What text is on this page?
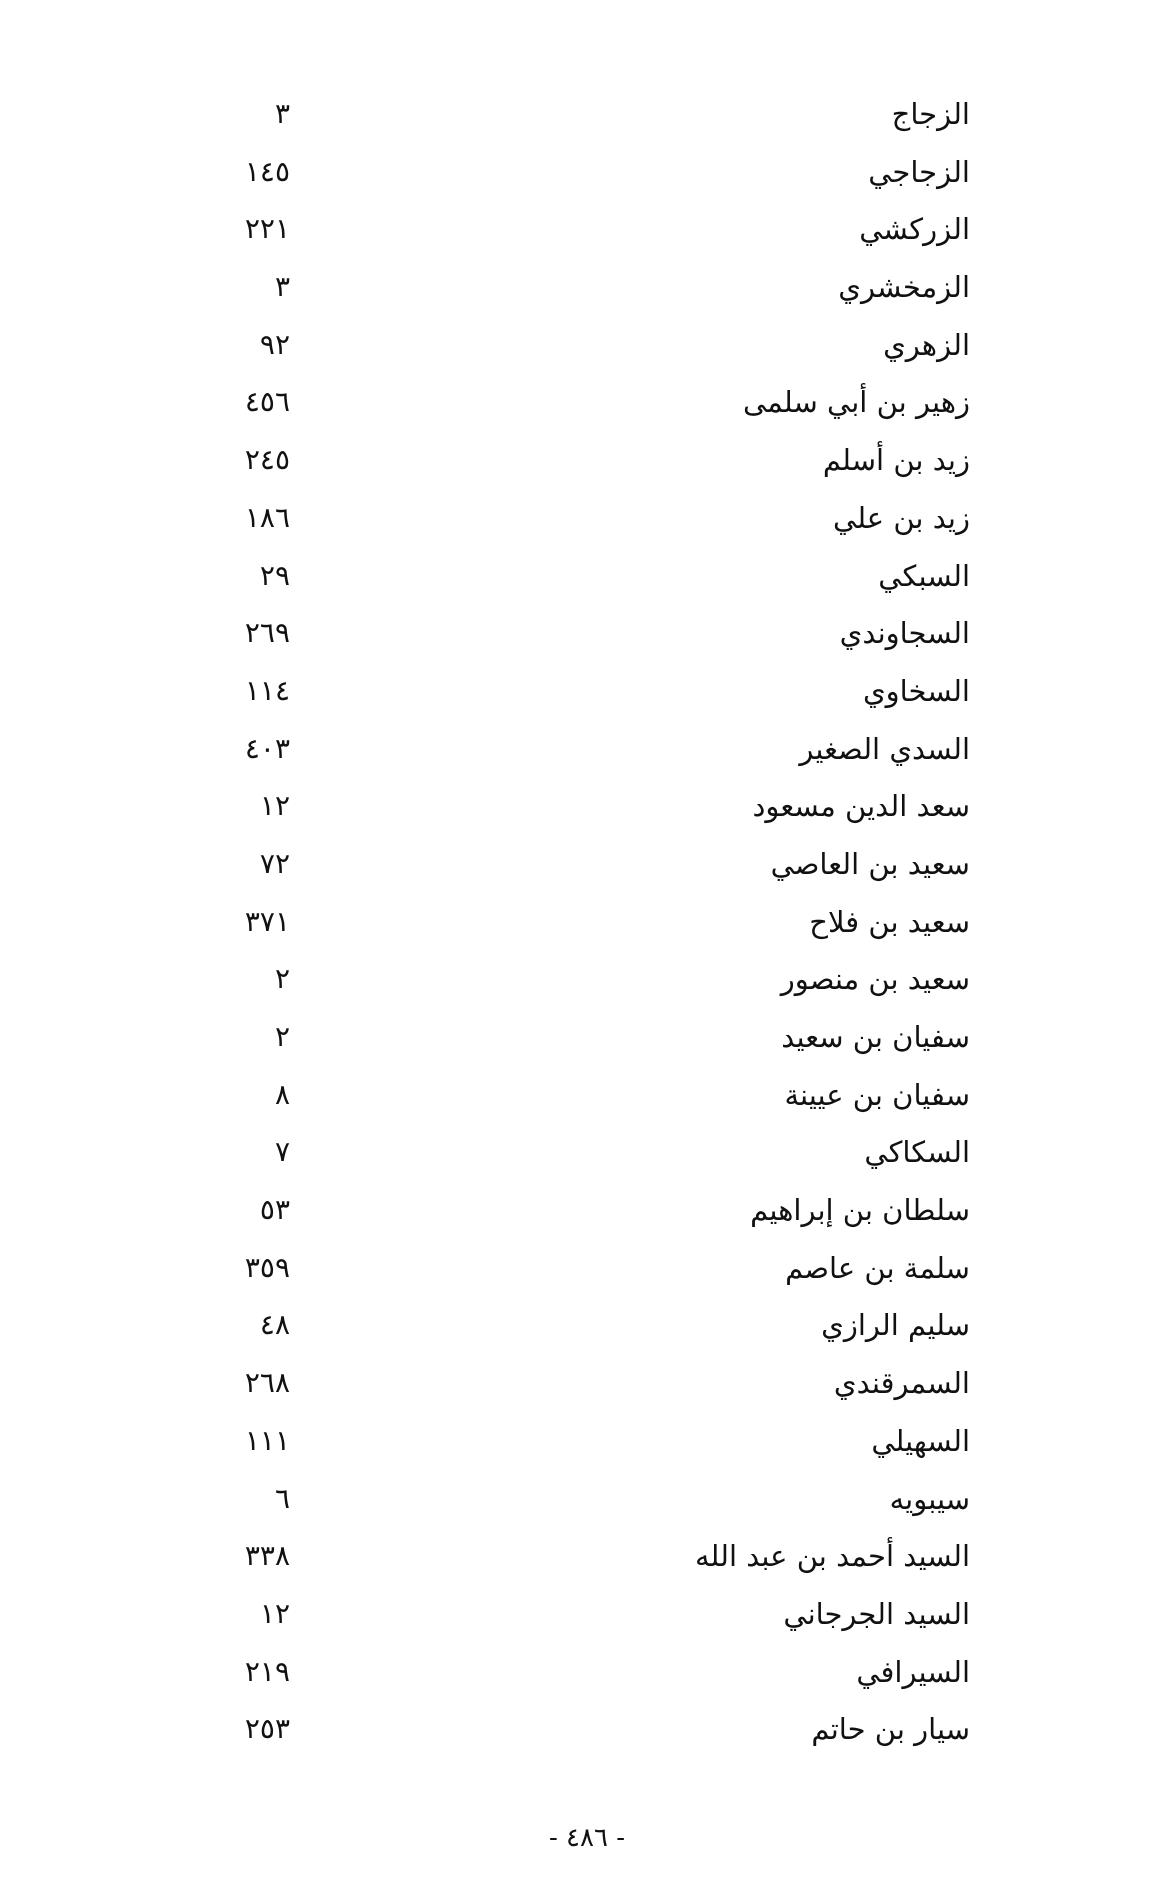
الزجاج
٣
الزجاجي
١٤٥
الزركشي
٢٢١
الزمخشري
٣
الزهري
٩٢
زهير بن أبي سلمى
٤٥٦
زيد بن أسلم
٢٤٥
زيد بن علي
١٨٦
السبكي
٢٩
السجاوندي
٢٦٩
السخاوي
١١٤
السدي الصغير
٤٠٣
سعد الدين مسعود
١٢
سعيد بن العاصي
٧٢
سعيد بن فلاح
٣٧١
سعيد بن منصور
٢
سفيان بن سعيد
٢
سفيان بن عيينة
٨
السكاكي
٧
سلطان بن إبراهيم
٥٣
سلمة بن عاصم
٣٥٩
سليم الرازي
٤٨
السمرقندي
٢٦٨
السهيلي
١١١
سيبويه
٦
السيد أحمد بن عبد الله
٣٣٨
السيد الجرجاني
١٢
السيرافي
٢١٩
سيار بن حاتم
٢٥٣
- ٤٨٦ -
